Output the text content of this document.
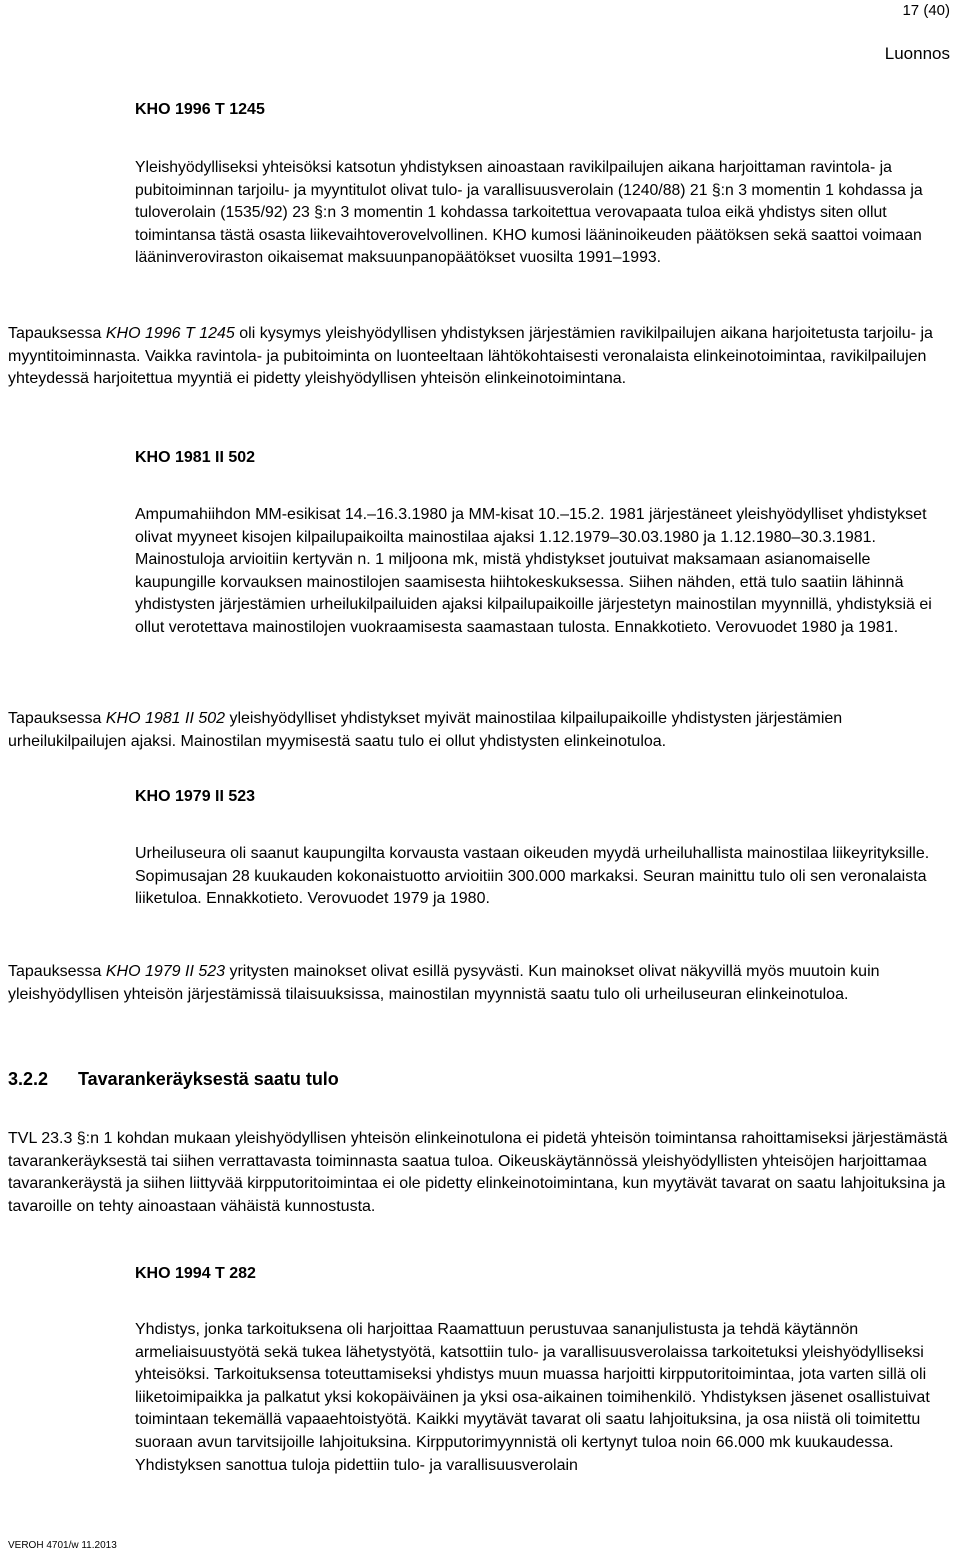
17 (40)
Luonnos
KHO 1996 T 1245

Yleishyödylliseksi yhteisöksi katsotun yhdistyksen ainoastaan ravikilpailujen aikana harjoittaman ravintola- ja pubitoiminnan tarjoilu- ja myyntitulot olivat tulo- ja varallisuusverolain (1240/88) 21 §:n 3 momentin 1 kohdassa ja tuloverolain (1535/92) 23 §:n 3 momentin 1 kohdassa tarkoitettua verovapaata tuloa eikä yhdistys siten ollut toimintansa tästä osasta liikevaihtoverovelvollinen. KHO kumosi lääninoikeuden päätöksen sekä saattoi voimaan lääninveroviraston oikaisemat maksuunpanopäätökset vuosilta 1991–1993.

Tapauksessa KHO 1996 T 1245 oli kysymys yleishyödyllisen yhdistyksen järjestämien ravikilpailujen aikana harjoitetusta tarjoilu- ja myyntitoiminnasta. Vaikka ravintola- ja pubitoiminta on luonteeltaan lähtökohtaisesti veronalaista elinkeinotoimintaa, ravikilpailujen yhteydessä harjoitettua myyntiä ei pidetty yleishyödyllisen yhteisön elinkeinotoimintana.

KHO 1981 II 502

Ampumahiihdon MM-esikisat 14.–16.3.1980 ja MM-kisat 10.–15.2. 1981 järjestäneet yleishyödylliset yhdistykset olivat myyneet kisojen kilpailupaikoilta mainostilaa ajaksi 1.12.1979–30.03.1980 ja 1.12.1980–30.3.1981. Mainostuloja arvioitiin kertyvän n. 1 miljoona mk, mistä yhdistykset joutuivat maksamaan asianomaiselle kaupungille korvauksen mainostilojen saamisesta hiihtokeskuksessa. Siihen nähden, että tulo saatiin lähinnä yhdistysten järjestämien urheilukilpailuiden ajaksi kilpailupaikoille järjestetyn mainostilan myynnillä, yhdistyksiä ei ollut verotettava mainostilojen vuokraamisesta saamastaan tulosta. Ennakkotieto. Verovuodet 1980 ja 1981.

Tapauksessa KHO 1981 II 502 yleishyödylliset yhdistykset myivät mainostilaa kilpailupaikoille yhdistysten järjestämien urheilukilpailujen ajaksi. Mainostilan myymisestä saatu tulo ei ollut yhdistysten elinkeinotuloa.

KHO 1979 II 523

Urheiluseura oli saanut kaupungilta korvausta vastaan oikeuden myydä urheiluhallista mainostilaa liikeyrityksille. Sopimusajan 28 kuukauden kokonaistuotto arvioitiin 300.000 markaksi. Seuran mainittu tulo oli sen veronalaista liiketuloa. Ennakkotieto. Verovuodet 1979 ja 1980.

Tapauksessa KHO 1979 II 523 yritysten mainokset olivat esillä pysyvästi. Kun mainokset olivat näkyvillä myös muutoin kuin yleishyödyllisen yhteisön järjestämissä tilaisuuksissa, mainostilan myynnistä saatu tulo oli urheiluseuran elinkeinotuloa.

3.2.2 Tavarankeräyksestä saatu tulo

TVL 23.3 §:n 1 kohdan mukaan yleishyödyllisen yhteisön elinkeinotulona ei pidetä yhteisön toimintansa rahoittamiseksi järjestämästä tavarankeräyksestä tai siihen verrattavasta toiminnasta saatua tuloa. Oikeuskäytännössä yleishyödyllisten yhteisöjen harjoittamaa tavarankeräystä ja siihen liittyvää kirpputoritoimintaa ei ole pidetty elinkeinotoimintana, kun myytävät tavarat on saatu lahjoituksina ja tavaroille on tehty ainoastaan vähäistä kunnostusta.

KHO 1994 T 282

Yhdistys, jonka tarkoituksena oli harjoittaa Raamattuun perustuvaa sananjulistusta ja tehdä käytännön armeliaisuustyötä sekä tukea lähetystyötä, katsottiin tulo- ja varallisuusverolaissa tarkoitetuksi yleishyödylliseksi yhteisöksi. Tarkoituksensa toteuttamiseksi yhdistys muun muassa harjoitti kirpputoritoimintaa, jota varten sillä oli liiketoimipaikka ja palkatut yksi kokopäiväinen ja yksi osa-aikainen toimihenkilö. Yhdistyksen jäsenet osallistuivat toimintaan tekemällä vapaaehtoistyötä. Kaikki myytävät tavarat oli saatu lahjoituksina, ja osa niistä oli toimitettu suoraan avun tarvitsijoille lahjoituksina. Kirpputorimyynnistä oli kertynyt tuloa noin 66.000 mk kuukaudessa. Yhdistyksen sanottua tuloja pidettiin tulo- ja varallisuusverolain

VEROH 4701/w 11.2013
